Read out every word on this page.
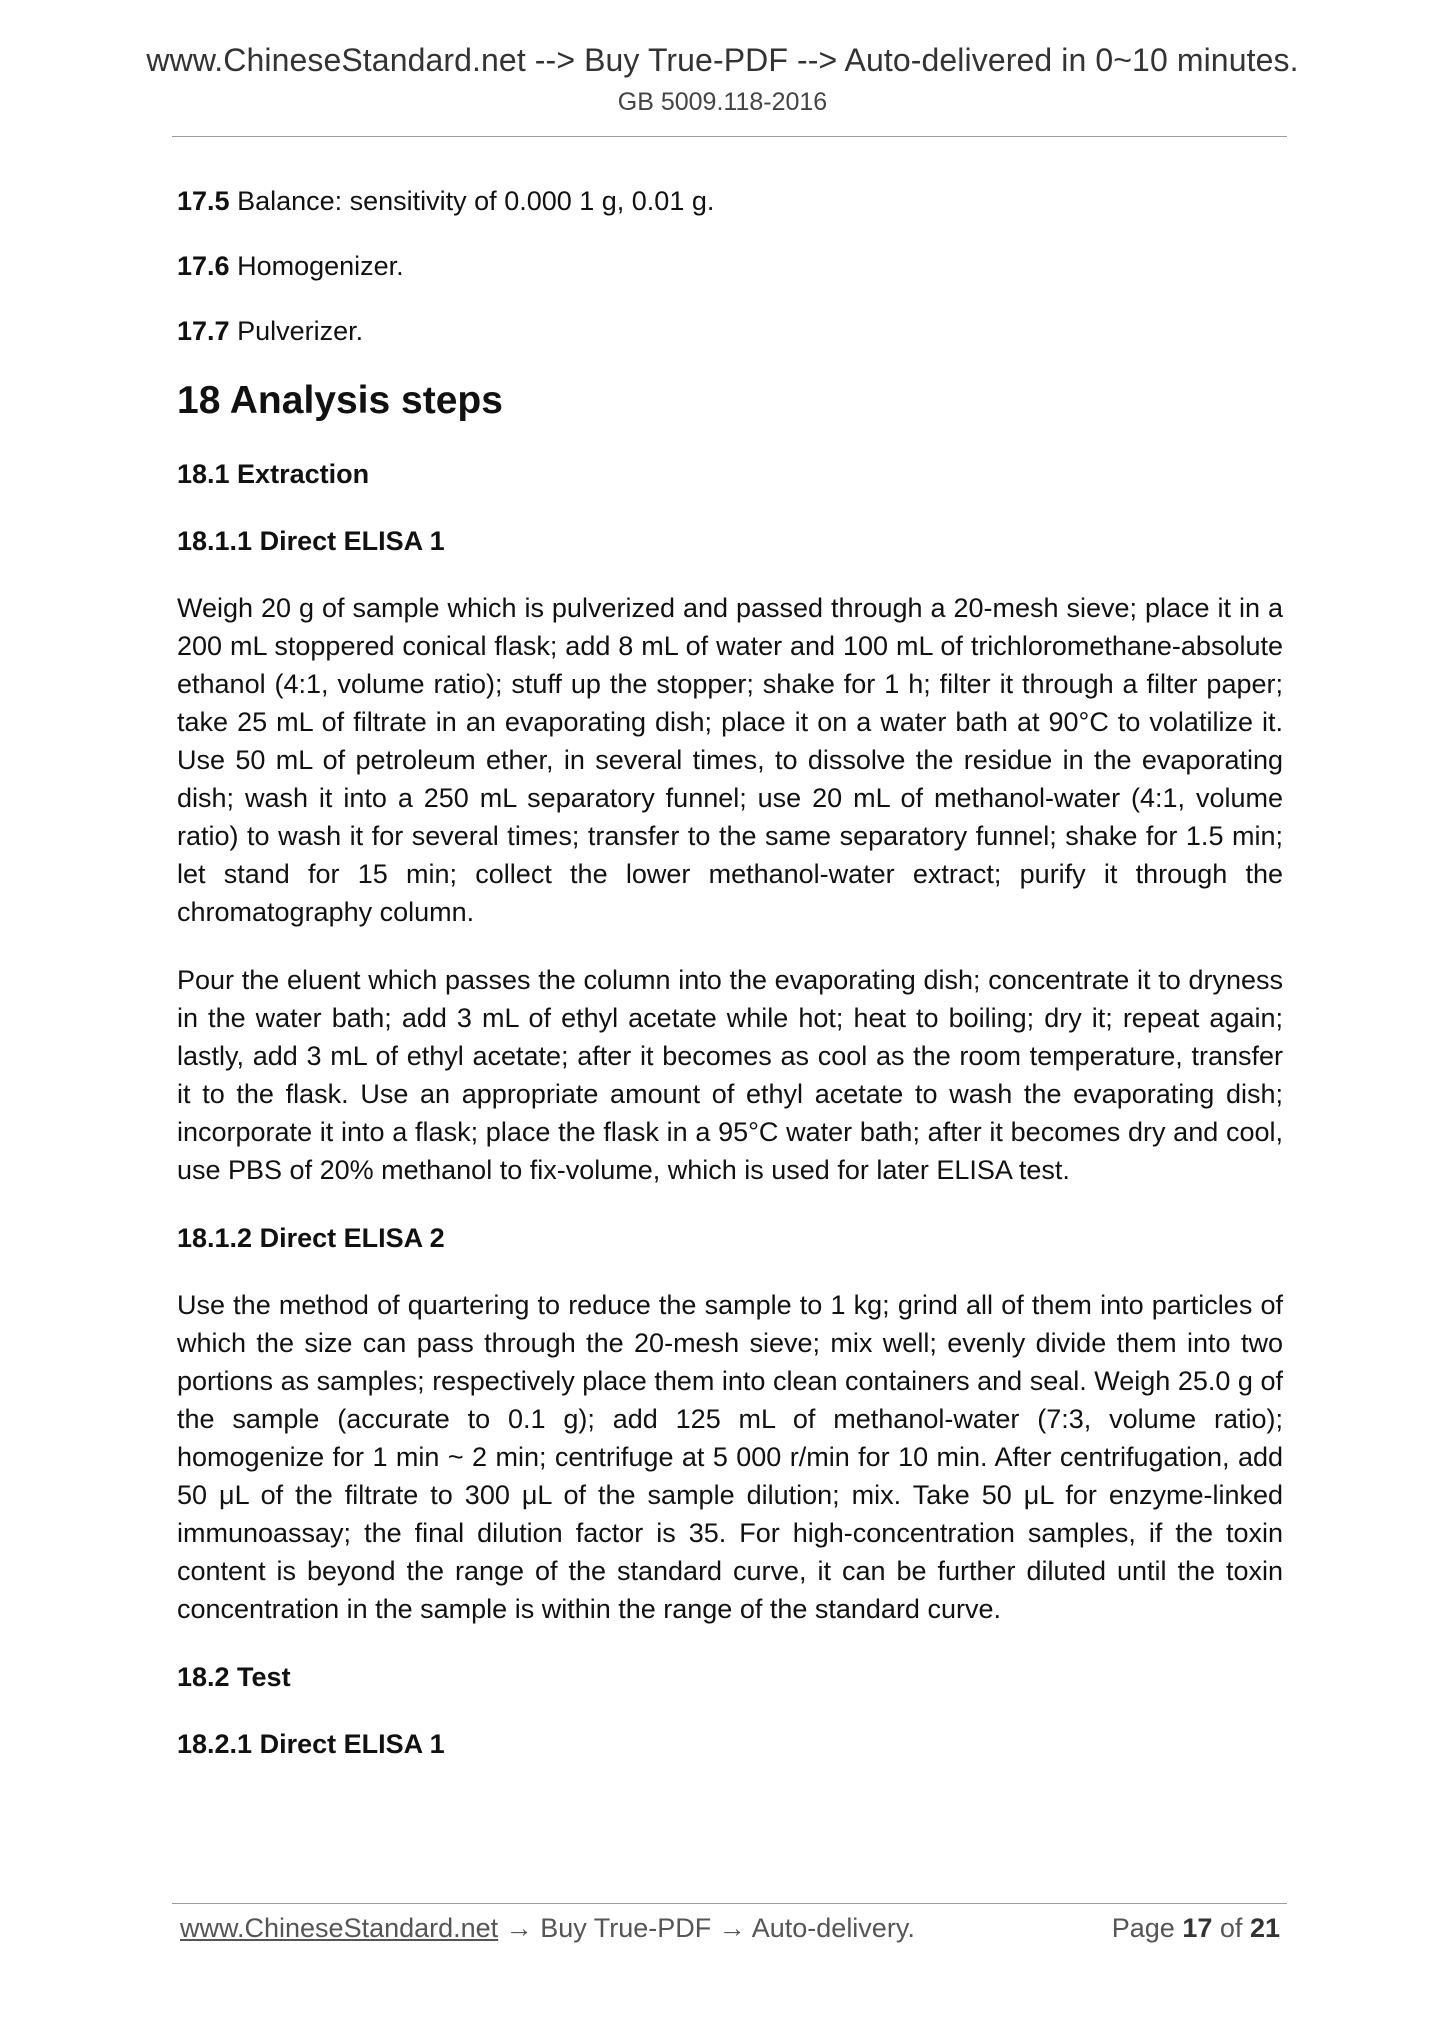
www.ChineseStandard.net --> Buy True-PDF --> Auto-delivered in 0~10 minutes.
GB 5009.118-2016
17.5 Balance: sensitivity of 0.000 1 g, 0.01 g.
17.6 Homogenizer.
17.7 Pulverizer.
18 Analysis steps
18.1 Extraction
18.1.1 Direct ELISA 1

Weigh 20 g of sample which is pulverized and passed through a 20-mesh sieve; place it in a 200 mL stoppered conical flask; add 8 mL of water and 100 mL of trichloromethane-absolute ethanol (4:1, volume ratio); stuff up the stopper; shake for 1 h; filter it through a filter paper; take 25 mL of filtrate in an evaporating dish; place it on a water bath at 90°C to volatilize it. Use 50 mL of petroleum ether, in several times, to dissolve the residue in the evaporating dish; wash it into a 250 mL separatory funnel; use 20 mL of methanol-water (4:1, volume ratio) to wash it for several times; transfer to the same separatory funnel; shake for 1.5 min; let stand for 15 min; collect the lower methanol-water extract; purify it through the chromatography column.

Pour the eluent which passes the column into the evaporating dish; concentrate it to dryness in the water bath; add 3 mL of ethyl acetate while hot; heat to boiling; dry it; repeat again; lastly, add 3 mL of ethyl acetate; after it becomes as cool as the room temperature, transfer it to the flask. Use an appropriate amount of ethyl acetate to wash the evaporating dish; incorporate it into a flask; place the flask in a 95°C water bath; after it becomes dry and cool, use PBS of 20% methanol to fix-volume, which is used for later ELISA test.

18.1.2 Direct ELISA 2

Use the method of quartering to reduce the sample to 1 kg; grind all of them into particles of which the size can pass through the 20-mesh sieve; mix well; evenly divide them into two portions as samples; respectively place them into clean containers and seal. Weigh 25.0 g of the sample (accurate to 0.1 g); add 125 mL of methanol-water (7:3, volume ratio); homogenize for 1 min ~ 2 min; centrifuge at 5 000 r/min for 10 min. After centrifugation, add 50 μL of the filtrate to 300 μL of the sample dilution; mix. Take 50 μL for enzyme-linked immunoassay; the final dilution factor is 35. For high-concentration samples, if the toxin content is beyond the range of the standard curve, it can be further diluted until the toxin concentration in the sample is within the range of the standard curve.

18.2 Test
18.2.1 Direct ELISA 1
www.ChineseStandard.net → Buy True-PDF → Auto-delivery.	Page 17 of 21
